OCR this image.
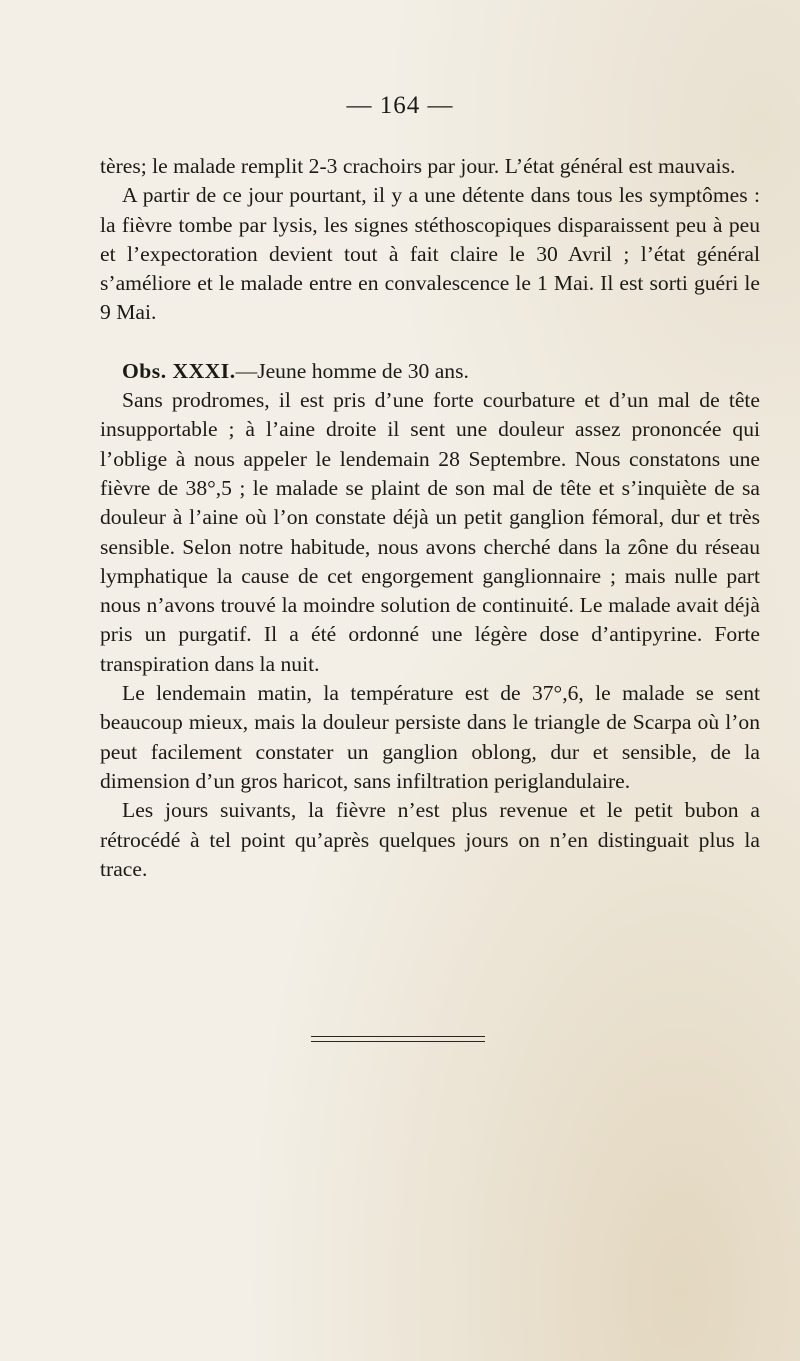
— 164 —

tères; le malade remplit 2-3 crachoirs par jour. L’état général est mauvais.

A partir de ce jour pourtant, il y a une détente dans tous les symptômes : la fièvre tombe par lysis, les signes stéthoscopiques disparaissent peu à peu et l’expectoration devient tout à fait claire le 30 Avril ; l’état général s’améliore et le malade entre en convalescence le 1 Mai. Il est sorti guéri le 9 Mai.

Obs. XXXI.—Jeune homme de 30 ans.

Sans prodromes, il est pris d’une forte courbature et d’un mal de tête insupportable ; à l’aine droite il sent une douleur assez prononcée qui l’oblige à nous appeler le lendemain 28 Septembre. Nous constatons une fièvre de 38°,5 ; le malade se plaint de son mal de tête et s’inquiète de sa douleur à l’aine où l’on constate déjà un petit ganglion fémoral, dur et très sensible. Selon notre habitude, nous avons cherché dans la zône du réseau lymphatique la cause de cet engorgement ganglionnaire ; mais nulle part nous n’avons trouvé la moindre solution de continuité. Le malade avait déjà pris un purgatif. Il a été ordonné une légère dose d’antipyrine. Forte transpiration dans la nuit.

Le lendemain matin, la température est de 37°,6, le malade se sent beaucoup mieux, mais la douleur persiste dans le triangle de Scarpa où l’on peut facilement constater un ganglion oblong, dur et sensible, de la dimension d’un gros haricot, sans infiltration periglandulaire.

Les jours suivants, la fièvre n’est plus revenue et le petit bubon a rétrocédé à tel point qu’après quelques jours on n’en distinguait plus la trace.
